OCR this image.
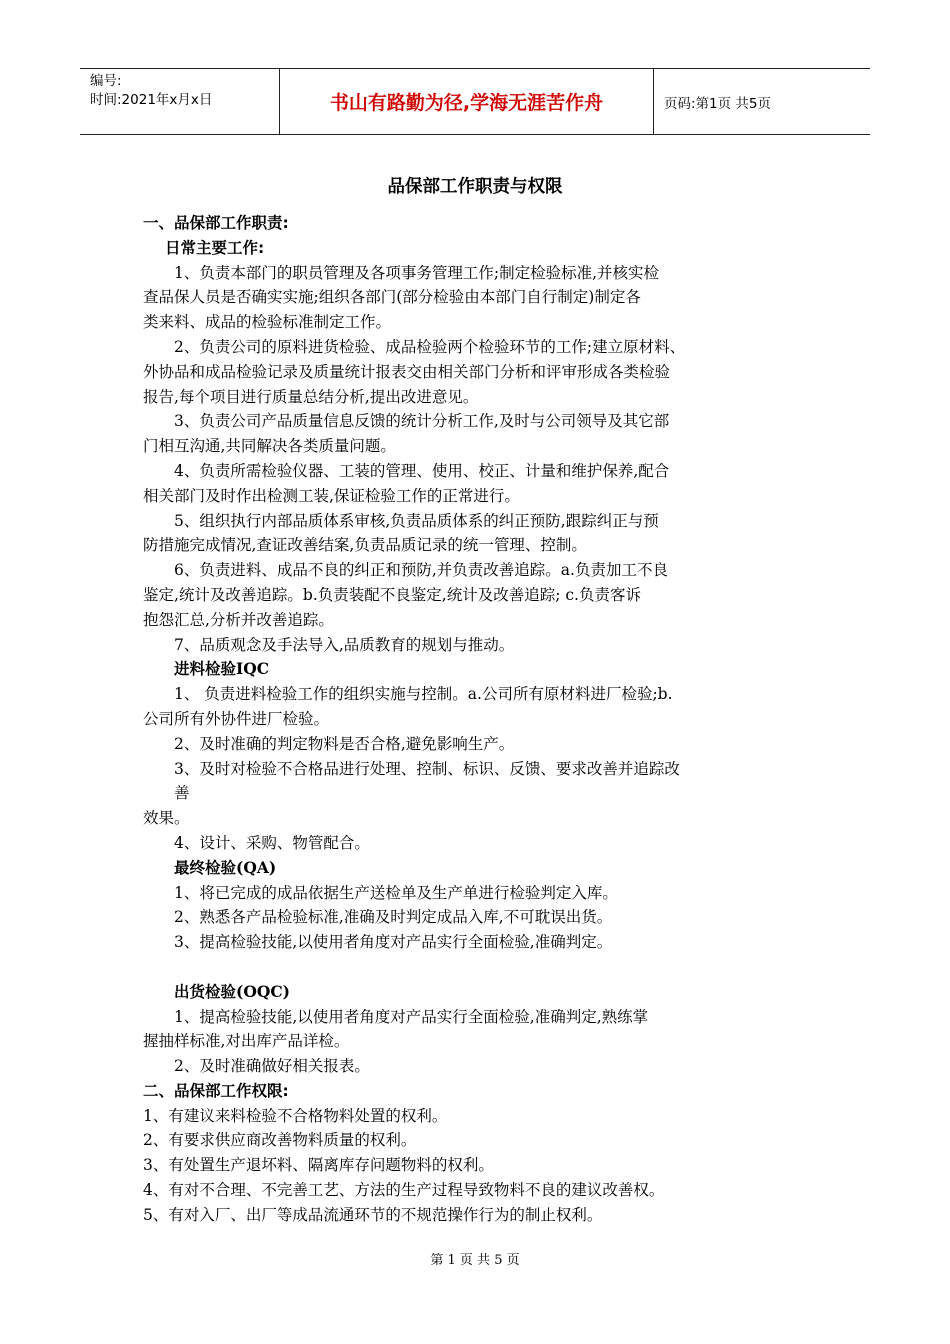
编号:
时间:2021年x月x日	书山有路勤为径,学海无涯苦作舟	页码:第1页 共5页
品保部工作职责与权限
一、品保部工作职责:
日常主要工作:
1、负责本部门的职员管理及各项事务管理工作;制定检验标准,并核实检
查品保人员是否确实实施;组织各部门(部分检验由本部门自行制定)制定各
类来料、成品的检验标准制定工作。
2、负责公司的原料进货检验、成品检验两个检验环节的工作;建立原材料、
外协品和成品检验记录及质量统计报表交由相关部门分析和评审形成各类检验
报告,每个项目进行质量总结分析,提出改进意见。
3、负责公司产品质量信息反馈的统计分析工作,及时与公司领导及其它部
门相互沟通,共同解决各类质量问题。
4、负责所需检验仪器、工装的管理、使用、校正、计量和维护保养,配合
相关部门及时作出检测工装,保证检验工作的正常进行。
5、组织执行内部品质体系审核,负责品质体系的纠正预防,跟踪纠正与预
防措施完成情况,查证改善结案,负责品质记录的统一管理、控制。
6、负责进料、成品不良的纠正和预防,并负责改善追踪。a.负责加工不良
鉴定,统计及改善追踪。b.负责装配不良鉴定,统计及改善追踪; c.负责客诉
抱怨汇总,分析并改善追踪。
7、品质观念及手法导入,品质教育的规划与推动。
进料检验IQC
1、 负责进料检验工作的组织实施与控制。a.公司所有原材料进厂检验;b.
公司所有外协件进厂检验。
2、及时准确的判定物料是否合格,避免影响生产。
3、及时对检验不合格品进行处理、控制、标识、反馈、要求改善并追踪改
善
效果。
4、设计、采购、物管配合。
最终检验(QA)
1、将已完成的成品依据生产送检单及生产单进行检验判定入库。
2、熟悉各产品检验标准,准确及时判定成品入库,不可耽误出货。
3、提高检验技能,以使用者角度对产品实行全面检验,准确判定。
出货检验(OQC)
1、提高检验技能,以使用者角度对产品实行全面检验,准确判定,熟练掌
握抽样标准,对出库产品详检。
2、及时准确做好相关报表。
二、品保部工作权限:
1、有建议来料检验不合格物料处置的权利。
2、有要求供应商改善物料质量的权利。
3、有处置生产退坏料、隔离库存问题物料的权利。
4、有对不合理、不完善工艺、方法的生产过程导致物料不良的建议改善权。
5、有对入厂、出厂等成品流通环节的不规范操作行为的制止权利。
第 1 页 共 5 页
